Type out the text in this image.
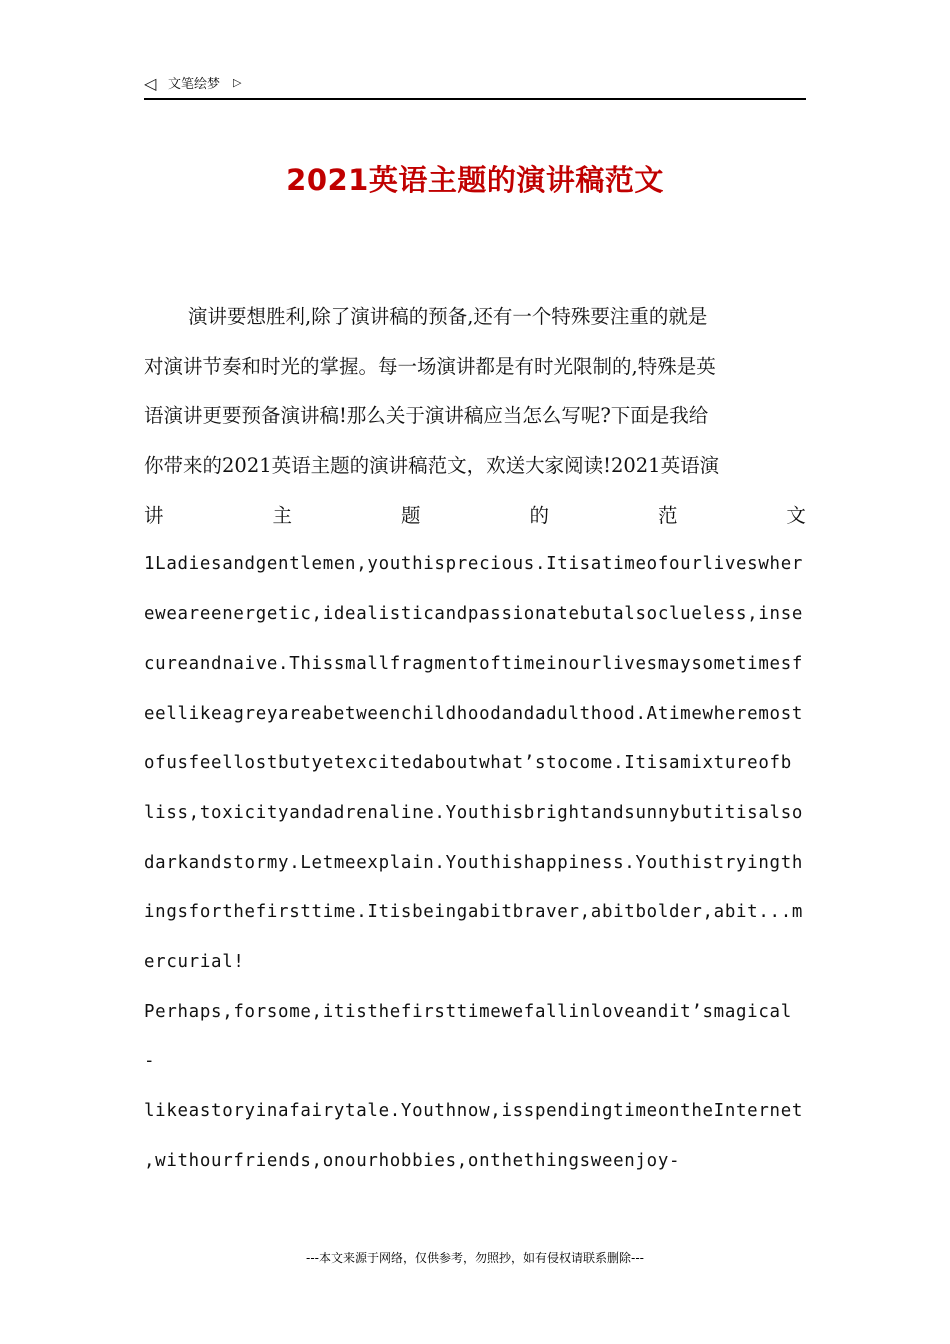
◁ 文笔绘梦 ▷
2021英语主题的演讲稿范文
演讲要想胜利,除了演讲稿的预备,还有一个特殊要注重的就是
对演讲节奏和时光的掌握。每一场演讲都是有时光限制的,特殊是英
语演讲更要预备演讲稿!那么关于演讲稿应当怎么写呢?下面是我给
你带来的2021英语主题的演讲稿范文，欢送大家阅读!2021英语演
讲	主	题	的	范	文
1Ladiesandgentlemen,youthisprecious.Itisatimeofourliveswher
eweareenergetic,idealisticandpassionatebutalsoclueless,inse
cureandnaive.Thissmallfragmentoftimeinourlivesmaysometimesf
eellikeagreyareabetweenchildhoodandadulthood.Atimewheremost
ofusfeellostbutyetexcitedaboutwhat’stocome.Itisamixtureofb
liss,toxicityandadrenaline.Youthisbrightandsunnybutitisalso
darkandstormy.Letmeexplain.Youthishappiness.Youthistryingth
ingsforthefirsttime.Itisbeingabitbraver,abitbolder,abit...m
ercurial!
Perhaps,forsome,itisthefirsttimewefallinloveandit’smagical
-
likeastoryinafairytale.Youthnow,isspendingtimeontheInternet
,withourfriends,onourhobbies,onthethingsweenjoy-
---本文来源于网络，仅供参考，勿照抄，如有侵权请联系删除---
